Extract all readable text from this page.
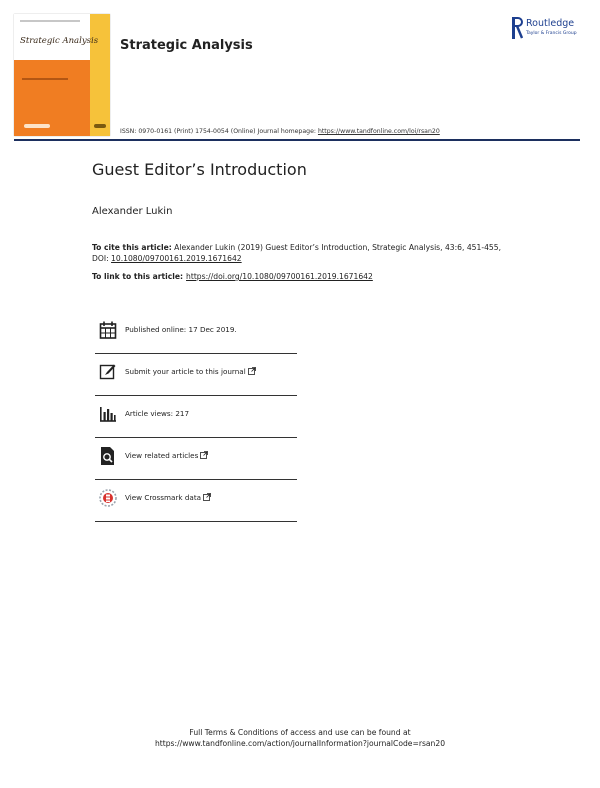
Strategic Analysis Strategic Analysis
Routledge
Taylor & Francis Group
ISSN: 0970-0161 (Print) 1754-0054 (Online) Journal homepage: https://www.tandfonline.com/loi/rsan20
Guest Editor’s Introduction
Alexander Lukin
To cite this article: Alexander Lukin (2019) Guest Editor’s Introduction, Strategic Analysis, 43:6, 451-455, DOI: 10.1080/09700161.2019.1671642
To link to this article: https://doi.org/10.1080/09700161.2019.1671642
Published online: 17 Dec 2019.
Submit your article to this journal
Article views: 217
View related articles
View Crossmark data
Full Terms & Conditions of access and use can be found at
https://www.tandfonline.com/action/journalInformation?journalCode=rsan20
